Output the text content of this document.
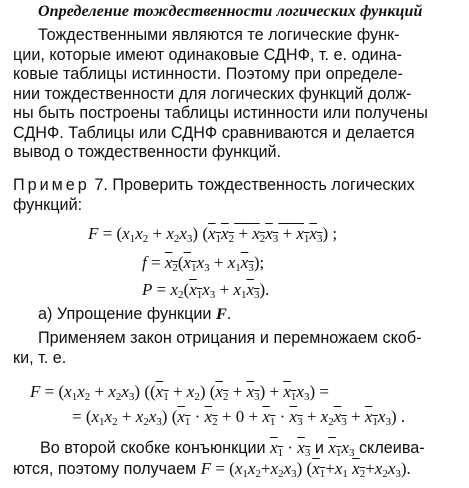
Определение тождественности логических функций

Тождественными являются те логические функ-
ции, которые имеют одинаковые СДНФ, т. е. одина-
ковые таблицы истинности. Поэтому при определе-
нии тождественности для логических функций долж-
ны быть построены таблицы истинности или получены
СДНФ. Таблицы или СДНФ сравниваются и делается
вывод о тождественности функций.

Пример 7. Проверить тождественность логических
функций:

$F = (x_1x_2 + x_2x_3) (x_1x_2 + x_2x_3 + x_1x_3)$ ;
$f = x_2(x_1x_3 + x_1x_3)$;
$P = x_2(x_1x_3 + x_1x_3)$.

а) Упрощение функции F.

Применяем закон отрицания и перемножаем скоб-
ки, т. е.

$F = (x_1x_2 + x_2x_3) ((x_1 + x_2) (x_2 + x_3) + x_1x_3)$ =
= $(x_1x_2 + x_2x_3) (x_1 \cdot x_2 + 0 + x_1 \cdot x_3 + x_2x_3 + x_1x_3)$ .
Во второй скобке конъюнкции $x_1 \cdot x_3$ и $x_1x_3$ склеива-
ются, поэтому получаем $F = (x_1x_2+x_2x_3)$ ($x_1+x_1$ $x_2+x_2x_3$).
